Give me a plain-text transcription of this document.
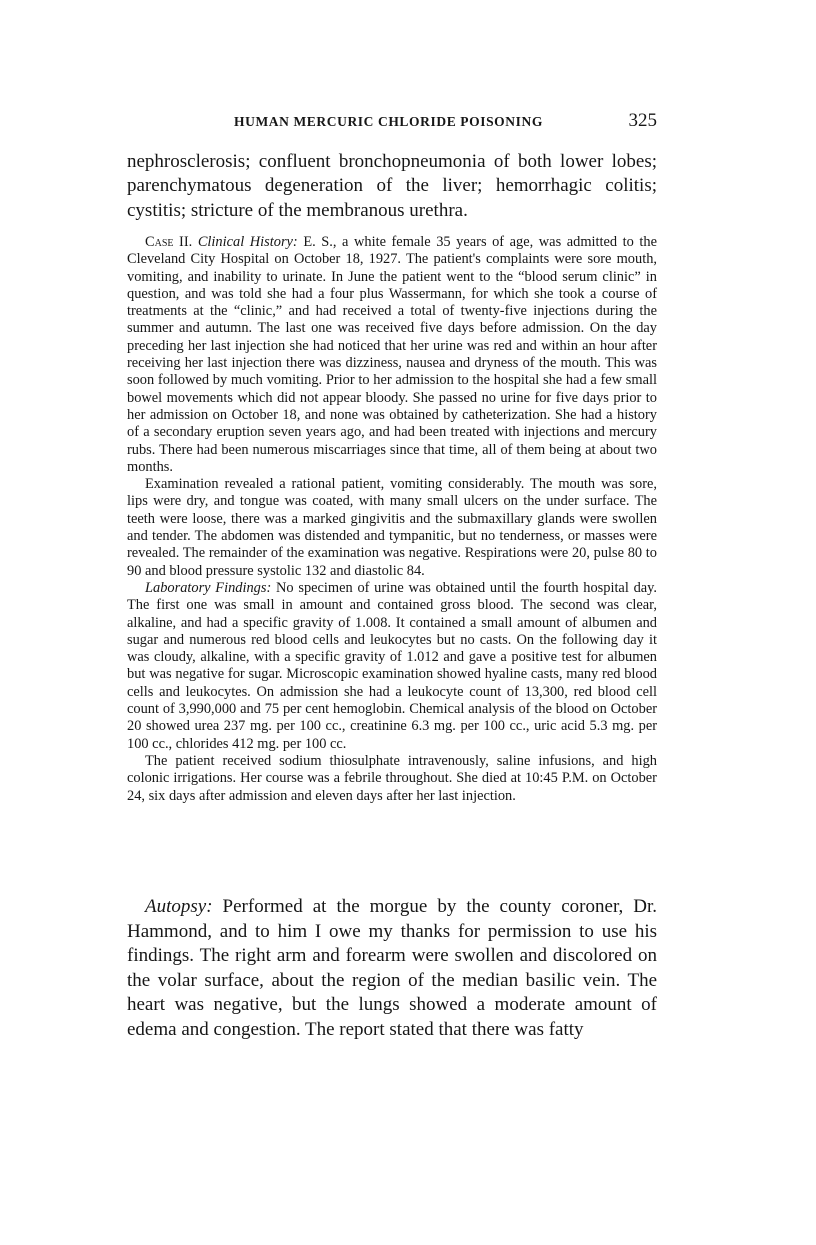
HUMAN MERCURIC CHLORIDE POISONING	325

nephrosclerosis; confluent bronchopneumonia of both lower lobes; parenchymatous degeneration of the liver; hemorrhagic colitis; cystitis; stricture of the membranous urethra.

Case II. Clinical History: E. S., a white female 35 years of age, was admitted to the Cleveland City Hospital on October 18, 1927. The patient's complaints were sore mouth, vomiting, and inability to urinate. In June the patient went to the “blood serum clinic” in question, and was told she had a four plus Wassermann, for which she took a course of treatments at the “clinic,” and had received a total of twenty-five injections during the summer and autumn. The last one was received five days before admission. On the day preceding her last injection she had noticed that her urine was red and within an hour after receiving her last injection there was dizziness, nausea and dryness of the mouth. This was soon followed by much vomiting. Prior to her admission to the hospital she had a few small bowel movements which did not appear bloody. She passed no urine for five days prior to her admission on October 18, and none was obtained by catheterization. She had a history of a secondary eruption seven years ago, and had been treated with injections and mercury rubs. There had been numerous miscarriages since that time, all of them being at about two months.

Examination revealed a rational patient, vomiting considerably. The mouth was sore, lips were dry, and tongue was coated, with many small ulcers on the under surface. The teeth were loose, there was a marked gingivitis and the submaxillary glands were swollen and tender. The abdomen was distended and tympanitic, but no tenderness, or masses were revealed. The remainder of the examination was negative. Respirations were 20, pulse 80 to 90 and blood pressure systolic 132 and diastolic 84.

Laboratory Findings: No specimen of urine was obtained until the fourth hospital day. The first one was small in amount and contained gross blood. The second was clear, alkaline, and had a specific gravity of 1.008. It contained a small amount of albumen and sugar and numerous red blood cells and leukocytes but no casts. On the following day it was cloudy, alkaline, with a specific gravity of 1.012 and gave a positive test for albumen but was negative for sugar. Microscopic examination showed hyaline casts, many red blood cells and leukocytes. On admission she had a leukocyte count of 13,300, red blood cell count of 3,990,000 and 75 per cent hemoglobin. Chemical analysis of the blood on October 20 showed urea 237 mg. per 100 cc., creatinine 6.3 mg. per 100 cc., uric acid 5.3 mg. per 100 cc., chlorides 412 mg. per 100 cc.

The patient received sodium thiosulphate intravenously, saline infusions, and high colonic irrigations. Her course was a febrile throughout. She died at 10:45 P.M. on October 24, six days after admission and eleven days after her last injection.

Autopsy: Performed at the morgue by the county coroner, Dr. Hammond, and to him I owe my thanks for permission to use his findings. The right arm and forearm were swollen and discolored on the volar surface, about the region of the median basilic vein. The heart was negative, but the lungs showed a moderate amount of edema and congestion. The report stated that there was fatty
